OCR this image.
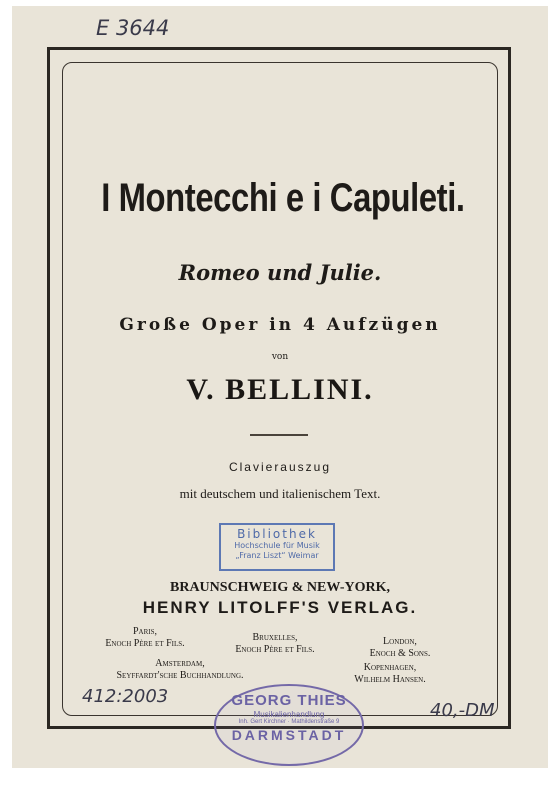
E 3644
I Montecchi e i Capuleti.
Romeo und Julie.
Große Oper in 4 Aufzügen
von
V. BELLINI.
Clavierauszug
mit deutschem und italienischem Text.
Bibliothek
Hochschule für Musik
„Franz Liszt“ Weimar
BRAUNSCHWEIG & NEW-YORK,
HENRY LITOLFF'S VERLAG.
Paris,
Enoch Père et Fils.
Bruxelles,
Enoch Père et Fils.
London,
Enoch & Sons.
Amsterdam,
Seyffardt'sche Buchhandlung.
Kopenhagen,
Wilhelm Hansen.
412:2003
40,-DM
GEORG THIES
Musikalienhandlung
Inh. Gert Kirchner · Mathildenstraße 9
DARMSTADT
